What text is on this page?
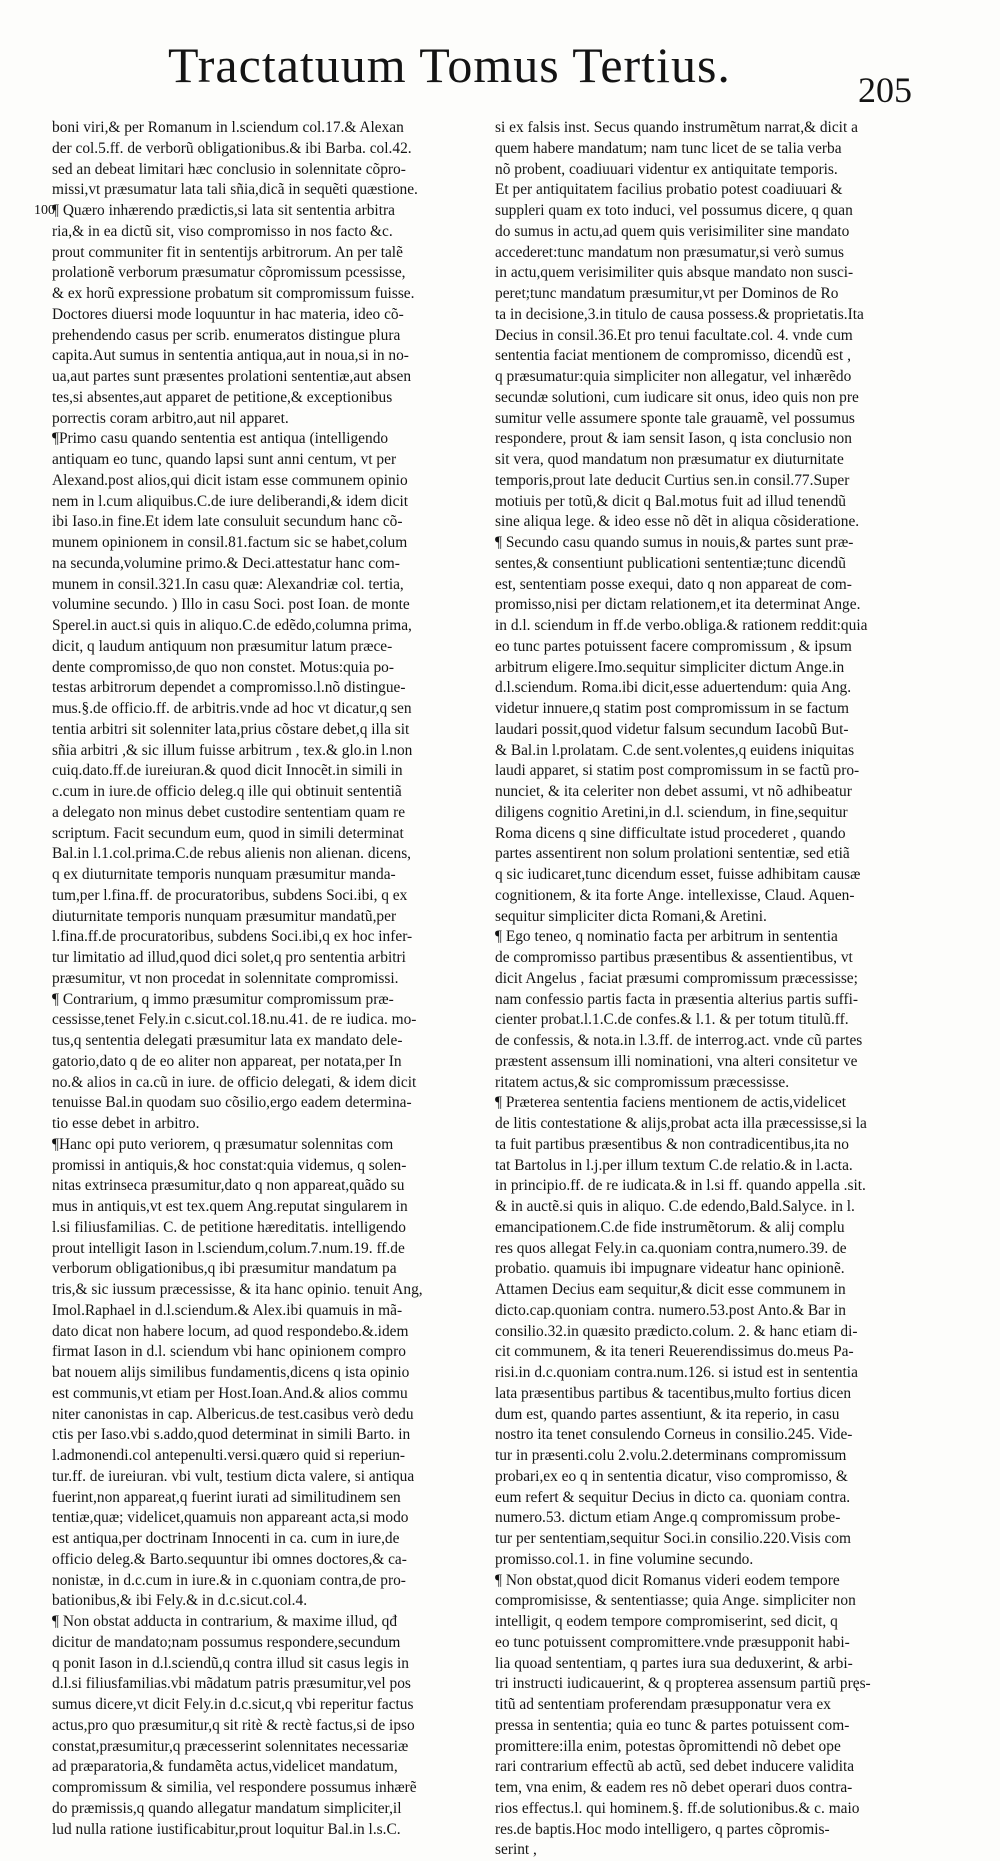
Tractatuum Tomus Tertius.	205
100

boni viri,& per Romanum in l.sciendum col.17.& Alexan

der col.5.ff. de verborũ obligationibus.& ibi Barba. col.42.

sed an debeat limitari hæc conclusio in solennitate cõpro-

missi,vt præsumatur lata tali sñia,dicã in sequẽti quæstione.

¶ Quæro inhærendo prædictis,si lata sit sententia arbitra

ria,& in ea dictũ sit, viso compromisso in nos facto &c.

prout communiter fit in sententijs arbitrorum. An per talẽ

prolationẽ verborum præsumatur cõpromissum pcessisse,

& ex horũ expressione probatum sit compromissum fuisse.

Doctores diuersi mode loquuntur in hac materia, ideo cõ-

prehendendo casus per scrib. enumeratos distingue plura

capita.Aut sumus in sententia antiqua,aut in noua,si in no-

ua,aut partes sunt præsentes prolationi sententiæ,aut absen

tes,si absentes,aut apparet de petitione,& exceptionibus

porrectis coram arbitro,aut nil apparet.

¶Primo casu quando sententia est antiqua (intelligendo

antiquam eo tunc, quando lapsi sunt anni centum, vt per

Alexand.post alios,qui dicit istam esse communem opinio

nem in l.cum aliquibus.C.de iure deliberandi,& idem dicit

ibi Iaso.in fine.Et idem late consuluit secundum hanc cõ-

munem opinionem in consil.81.factum sic se habet,colum

na secunda,volumine primo.& Deci.attestatur hanc com-

munem in consil.321.In casu quæ: Alexandriæ col. tertia,

volumine secundo. ) Illo in casu Soci. post Ioan. de monte

Sperel.in auct.si quis in aliquo.C.de edẽdo,columna prima,

dicit, q laudum antiquum non præsumitur latum præce-

dente compromisso,de quo non constet. Motus:quia po-

testas arbitrorum dependet a compromisso.l.nõ distingue-

mus.§.de officio.ff. de arbitris.vnde ad hoc vt dicatur,q sen

tentia arbitri sit solenniter lata,prius cõstare debet,q illa sit

sñia arbitri ,& sic illum fuisse arbitrum , tex.& glo.in l.non

cuiq.dato.ff.de iureiuran.& quod dicit Innocẽt.in simili in

c.cum in iure.de officio deleg.q ille qui obtinuit sententiã

a delegato non minus debet custodire sententiam quam re

scriptum. Facit secundum eum, quod in simili determinat

Bal.in l.1.col.prima.C.de rebus alienis non alienan. dicens,

q ex diuturnitate temporis nunquam præsumitur manda-

tum,per l.fina.ff. de procuratoribus, subdens Soci.ibi, q ex

diuturnitate temporis nunquam præsumitur mandatũ,per

l.fina.ff.de procuratoribus, subdens Soci.ibi,q ex hoc infer-

tur limitatio ad illud,quod dici solet,q pro sententia arbitri

præsumitur, vt non procedat in solennitate compromissi.

¶ Contrarium, q immo præsumitur compromissum præ-

cessisse,tenet Fely.in c.sicut.col.18.nu.41. de re iudica. mo-

tus,q sententia delegati præsumitur lata ex mandato dele-

gatorio,dato q de eo aliter non appareat, per notata,per In

no.& alios in ca.cũ in iure. de officio delegati, & idem dicit

tenuisse Bal.in quodam suo cõsilio,ergo eadem determina-

tio esse debet in arbitro.

¶Hanc opi puto veriorem, q præsumatur solennitas com

promissi in antiquis,& hoc constat:quia videmus, q solen-

nitas extrinseca præsumitur,dato q non appareat,quãdo su

mus in antiquis,vt est tex.quem Ang.reputat singularem in

l.si filiusfamilias. C. de petitione hæreditatis. intelligendo

prout intelligit Iason in l.sciendum,colum.7.num.19. ff.de

verborum obligationibus,q ibi præsumitur mandatum pa

tris,& sic iussum præcessisse, & ita hanc opinio. tenuit Ang,

Imol.Raphael in d.l.sciendum.& Alex.ibi quamuis in mã-

dato dicat non habere locum, ad quod respondebo.&.idem

firmat Iason in d.l. sciendum vbi hanc opinionem compro

bat nouem alijs similibus fundamentis,dicens q ista opinio

est communis,vt etiam per Host.Ioan.And.& alios commu

niter canonistas in cap. Albericus.de test.casibus verò dedu

ctis per Iaso.vbi s.addo,quod determinat in simili Barto. in

l.admonendi.col antepenulti.versi.quæro quid si reperiun-

tur.ff. de iureiuran. vbi vult, testium dicta valere, si antiqua

fuerint,non appareat,q fuerint iurati ad similitudinem sen

tentiæ,quæ; videlicet,quamuis non appareant acta,si modo

est antiqua,per doctrinam Innocenti in ca. cum in iure,de

officio deleg.& Barto.sequuntur ibi omnes doctores,& ca-

nonistæ, in d.c.cum in iure.& in c.quoniam contra,de pro-

bationibus,& ibi Fely.& in d.c.sicut.col.4.

¶ Non obstat adducta in contrarium, & maxime illud, qđ

dicitur de mandato;nam possumus respondere,secundum

q ponit Iason in d.l.sciendũ,q contra illud sit casus legis in

d.l.si filiusfamilias.vbi mãdatum patris præsumitur,vel pos

sumus dicere,vt dicit Fely.in d.c.sicut,q vbi reperitur factus

actus,pro quo præsumitur,q sit ritè & rectè factus,si de ipso

constat,præsumitur,q præcesserint solennitates necessariæ

ad præparatoria,& fundamẽta actus,videlicet mandatum,

compromissum & similia, vel respondere possumus inhærẽ

do præmissis,q quando allegatur mandatum simpliciter,il

lud nulla ratione iustificabitur,prout loquitur Bal.in l.s.C.

si ex falsis inst. Secus quando instrumẽtum narrat,& dicit a

quem habere mandatum; nam tunc licet de se talia verba

nõ probent, coadiuuari videntur ex antiquitate temporis.

Et per antiquitatem facilius probatio potest coadiuuari &

suppleri quam ex toto induci, vel possumus dicere, q quan

do sumus in actu,ad quem quis verisimiliter sine mandato

accederet:tunc mandatum non præsumatur,si verò sumus

in actu,quem verisimiliter quis absque mandato non susci-

peret;tunc mandatum præsumitur,vt per Dominos de Ro

ta in decisione,3.in titulo de causa possess.& proprietatis.Ita

Decius in consil.36.Et pro tenui facultate.col. 4. vnde cum

sententia faciat mentionem de compromisso, dicendũ est ,

q præsumatur:quia simpliciter non allegatur, vel inhærẽdo

secundæ solutioni, cum iudicare sit onus, ideo quis non pre

sumitur velle assumere sponte tale grauamẽ, vel possumus

respondere, prout & iam sensit Iason, q ista conclusio non

sit vera, quod mandatum non præsumatur ex diuturnitate

temporis,prout late deducit Curtius sen.in consil.77.Super

motiuis per totũ,& dicit q Bal.motus fuit ad illud tenendũ

sine aliqua lege. & ideo esse nõ dẽt in aliqua cõsideratione.

¶ Secundo casu quando sumus in nouis,& partes sunt præ-

sentes,& consentiunt publicationi sententiæ;tunc dicendũ

est, sententiam posse exequi, dato q non appareat de com-

promisso,nisi per dictam relationem,et ita determinat Ange.

in d.l. sciendum in ff.de verbo.obliga.& rationem reddit:quia

eo tunc partes potuissent facere compromissum , & ipsum

arbitrum eligere.Imo.sequitur simpliciter dictum Ange.in

d.l.sciendum. Roma.ibi dicit,esse aduertendum: quia Ang.

videtur innuere,q statim post compromissum in se factum

laudari possit,quod videtur falsum secundum Iacobũ But-

& Bal.in l.prolatam. C.de sent.volentes,q euidens iniquitas

laudi apparet, si statim post compromissum in se factũ pro-

nunciet, & ita celeriter non debet assumi, vt nõ adhibeatur

diligens cognitio Aretini,in d.l. sciendum, in fine,sequitur

Roma dicens q sine difficultate istud procederet , quando

partes assentirent non solum prolationi sententiæ, sed etiã

q sic iudicaret,tunc dicendum esset, fuisse adhibitam causæ

cognitionem, & ita forte Ange. intellexisse, Claud. Aquen-

sequitur simpliciter dicta Romani,& Aretini.

¶ Ego teneo, q nominatio facta per arbitrum in sententia

de compromisso partibus præsentibus & assentientibus, vt

dicit Angelus , faciat præsumi compromissum præcessisse;

nam confessio partis facta in præsentia alterius partis suffi-

cienter probat.l.1.C.de confes.& l.1. & per totum titulũ.ff.

de confessis, & nota.in l.3.ff. de interrog.act. vnde cũ partes

præstent assensum illi nominationi, vna alteri consitetur ve

ritatem actus,& sic compromissum præcessisse.

¶ Præterea sententia faciens mentionem de actis,videlicet

de litis contestatione & alijs,probat acta illa præcessisse,si la

ta fuit partibus præsentibus & non contradicentibus,ita no

tat Bartolus in l.j.per illum textum C.de relatio.& in l.acta.

in principio.ff. de re iudicata.& in l.si ff. quando appella .sit.

& in auctẽ.si quis in aliquo. C.de edendo,Bald.Salyce. in l.

emancipationem.C.de fide instrumẽtorum. & alij complu

res quos allegat Fely.in ca.quoniam contra,numero.39. de

probatio. quamuis ibi impugnare videatur hanc opinionẽ.

Attamen Decius eam sequitur,& dicit esse communem in

dicto.cap.quoniam contra. numero.53.post Anto.& Bar in

consilio.32.in quæsito prædicto.colum. 2. & hanc etiam di-

cit communem, & ita teneri Reuerendissimus do.meus Pa-

risi.in d.c.quoniam contra.num.126. si istud est in sententia

lata præsentibus partibus & tacentibus,multo fortius dicen

dum est, quando partes assentiunt, & ita reperio, in casu

nostro ita tenet consulendo Corneus in consilio.245. Vide-

tur in præsenti.colu 2.volu.2.determinans compromissum

probari,ex eo q in sententia dicatur, viso compromisso, &

eum refert & sequitur Decius in dicto ca. quoniam contra.

numero.53. dictum etiam Ange.q compromissum probe-

tur per sententiam,sequitur Soci.in consilio.220.Visis com

promisso.col.1. in fine volumine secundo.

¶ Non obstat,quod dicit Romanus videri eodem tempore

compromisisse, & sententiasse; quia Ange. simpliciter non

intelligit, q eodem tempore compromiserint, sed dicit, q

eo tunc potuissent compromittere.vnde præsupponit habi-

lia quoad sententiam, q partes iura sua deduxerint, & arbi-

tri instructi iudicauerint, & q propterea assensum partiũ pręs-

titũ ad sententiam proferendam præsupponatur vera ex

pressa in sententia; quia eo tunc & partes potuissent com-

promittere:illa enim, potestas õpromittendi nõ debet ope

rari contrarium effectũ ab actũ, sed debet inducere validita

tem, vna enim, & eadem res nõ debet operari duos contra-

rios effectus.l. qui hominem.§. ff.de solutionibus.& c. maio

res.de baptis.Hoc modo intelligero, q partes cõpromis-

serint ,
